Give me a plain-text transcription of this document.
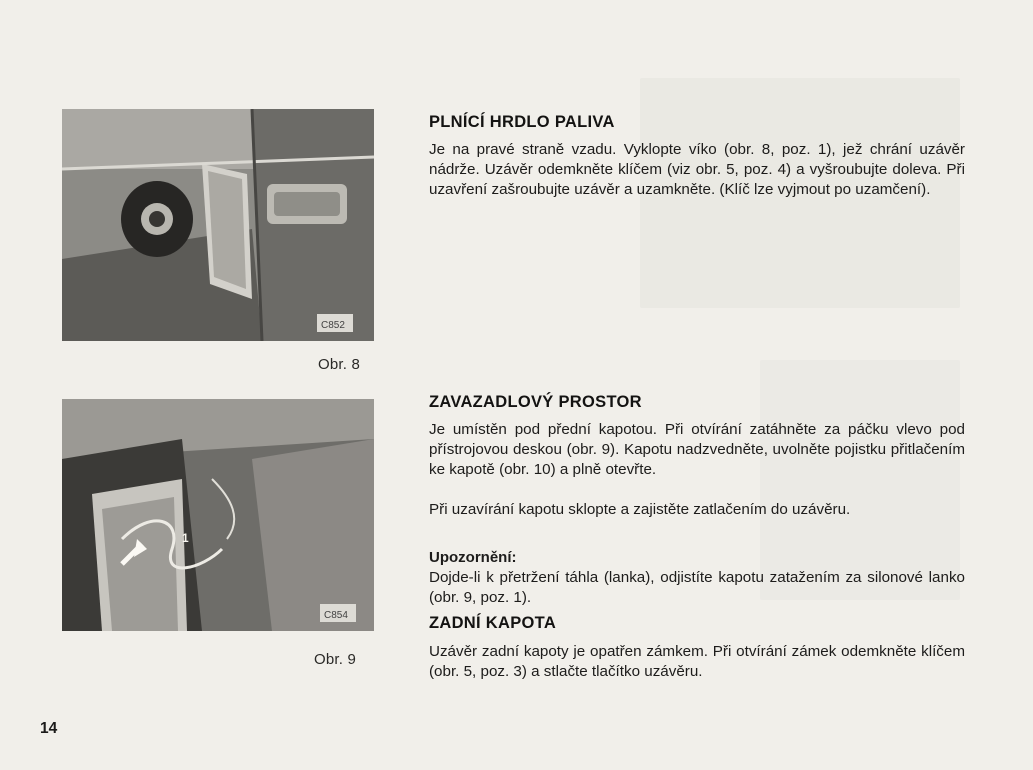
C852
Obr. 8
1
C854
Obr. 9
PLNÍCÍ HRDLO PALIVA
Je na pravé straně vzadu. Vyklopte víko (obr. 8, poz. 1), jež chrání uzávěr nádrže. Uzávěr odemkněte klíčem (viz obr. 5, poz. 4) a vyšroubujte doleva. Při uzavření zašroubujte uzávěr a uzamkněte. (Klíč lze vyjmout po uzamčení).
ZAVAZADLOVÝ PROSTOR
Je umístěn pod přední kapotou. Při otvírání zatáhněte za páčku vlevo pod přístrojovou deskou (obr. 9). Kapotu nadzvedněte, uvolněte pojistku přitlačením ke kapotě (obr. 10) a plně otevřte.
Při uzavírání kapotu sklopte a zajistěte zatlačením do uzávěru.
Upozornění:
Dojde-li k přetržení táhla (lanka), odjistíte kapotu zatažením za silonové lanko (obr. 9, poz. 1).
ZADNÍ KAPOTA
Uzávěr zadní kapoty je opatřen zámkem. Při otvírání zámek odemkněte klíčem (obr. 5, poz. 3) a stlačte tlačítko uzávěru.
14
